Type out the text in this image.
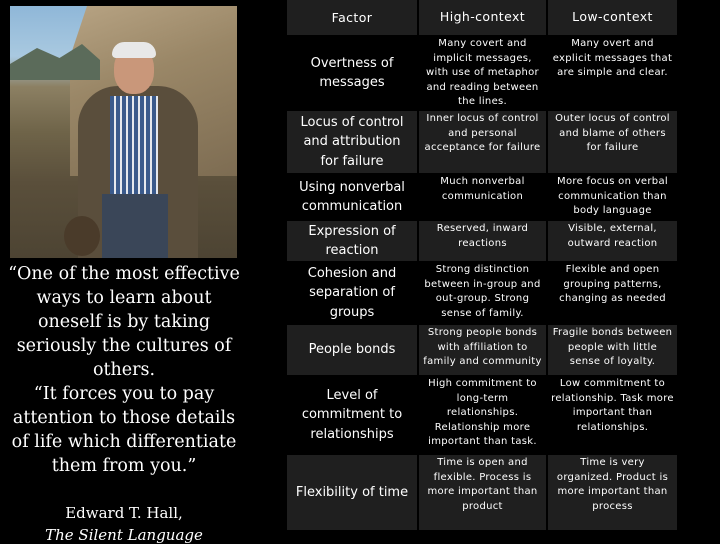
“One of the most effective ways to learn about oneself is by taking seriously the cultures of others.
“It forces you to pay attention to those details of life which differentiate them from you.”
Edward T. Hall,
The Silent Language
Factor	High-context	Low-context
Overtness of messages
Many covert and implicit messages, with use of metaphor and reading between the lines.
Many overt and explicit messages that are simple and clear.
Locus of control and attribution for failure
Inner locus of control and personal acceptance for failure
Outer locus of control and blame of others for failure
Using nonverbal communication
Much nonverbal communication
More focus on verbal communication than body language
Expression of reaction
Reserved, inward reactions
Visible, external, outward reaction
Cohesion and separation of groups
Strong distinction between in-group and out-group. Strong sense of family.
Flexible and open grouping patterns, changing as needed
People bonds
Strong people bonds with affiliation to family and community
Fragile bonds between people with little sense of loyalty.
Level of commitment to relationships
High commitment to long-term relationships. Relationship more important than task.
Low commitment to relationship. Task more important than relationships.
Flexibility of time
Time is open and flexible. Process is more important than product
Time is very organized. Product is more important than process
